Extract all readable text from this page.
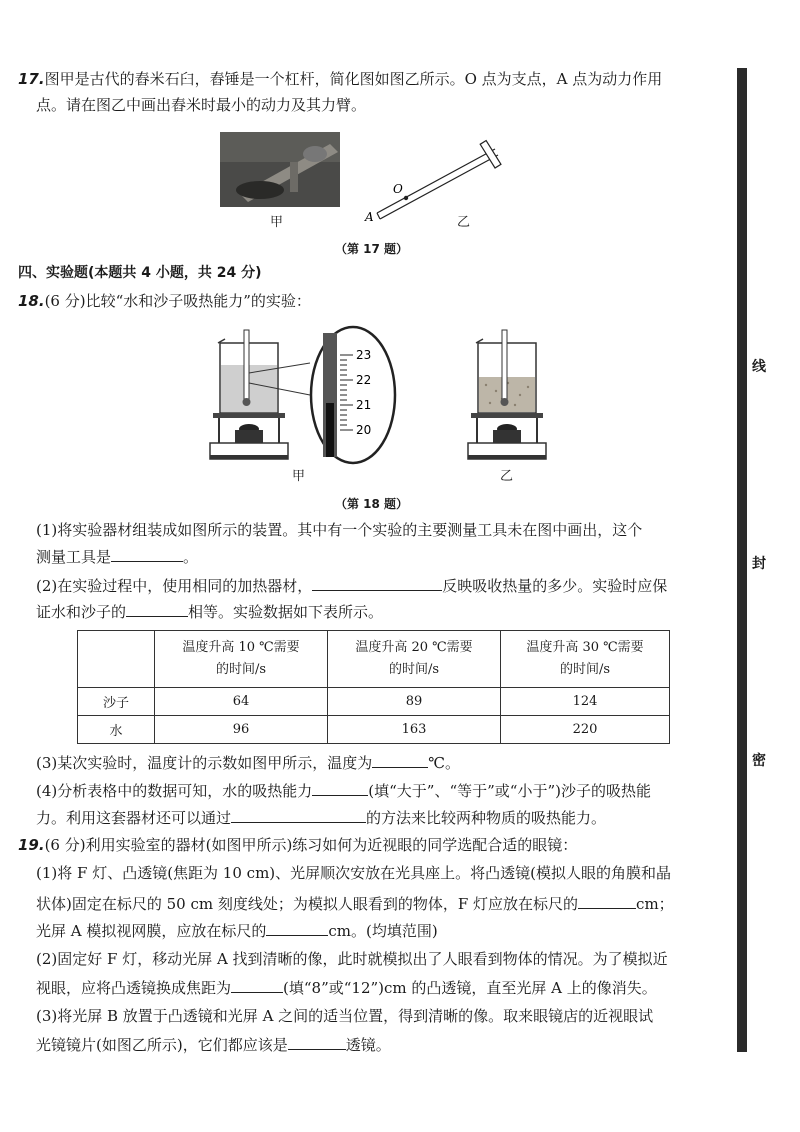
17.图甲是古代的舂米石臼，舂锤是一个杠杆，简化图如图乙所示。O 点为支点，A 点为动力作用
点。请在图乙中画出舂米时最小的动力及其力臂。
甲
O
A	乙
（第 17 题）
四、实验题(本题共 4 小题，共 24 分)
18.(6 分)比较“水和沙子吸热能力”的实验：
23
22
21
20
甲	乙
（第 18 题）
(1)将实验器材组装成如图所示的装置。其中有一个实验的主要测量工具未在图中画出，这个
测量工具是	。
(2)在实验过程中，使用相同的加热器材，	反映吸收热量的多少。实验时应保
证水和沙子的	相等。实验数据如下表所示。

	温度升高 10 ℃需要的时间/s	温度升高 20 ℃需要的时间/s	温度升高 30 ℃需要的时间/s

沙子	64	89	124
水	96	163	220
(3)某次实验时，温度计的示数如图甲所示，温度为	℃。
(4)分析表格中的数据可知，水的吸热能力	(填“大于”、“等于”或“小于”)沙子的吸热能
力。利用这套器材还可以通过	的方法来比较两种物质的吸热能力。
19.(6 分)利用实验室的器材(如图甲所示)练习如何为近视眼的同学选配合适的眼镜：
(1)将 F 灯、凸透镜(焦距为 10 cm)、光屏顺次安放在光具座上。将凸透镜(模拟人眼的角膜和晶
状体)固定在标尺的 50 cm 刻度线处；为模拟人眼看到的物体，F 灯应放在标尺的	cm；
光屏 A 模拟视网膜，应放在标尺的	cm。(均填范围)
(2)固定好 F 灯，移动光屏 A 找到清晰的像，此时就模拟出了人眼看到物体的情况。为了模拟近
视眼，应将凸透镜换成焦距为	(填“8”或“12”)cm 的凸透镜，直至光屏 A 上的像消失。
(3)将光屏 B 放置于凸透镜和光屏 A 之间的适当位置，得到清晰的像。取来眼镜店的近视眼试
光镜镜片(如图乙所示)，它们都应该是	透镜。
线
封
密
